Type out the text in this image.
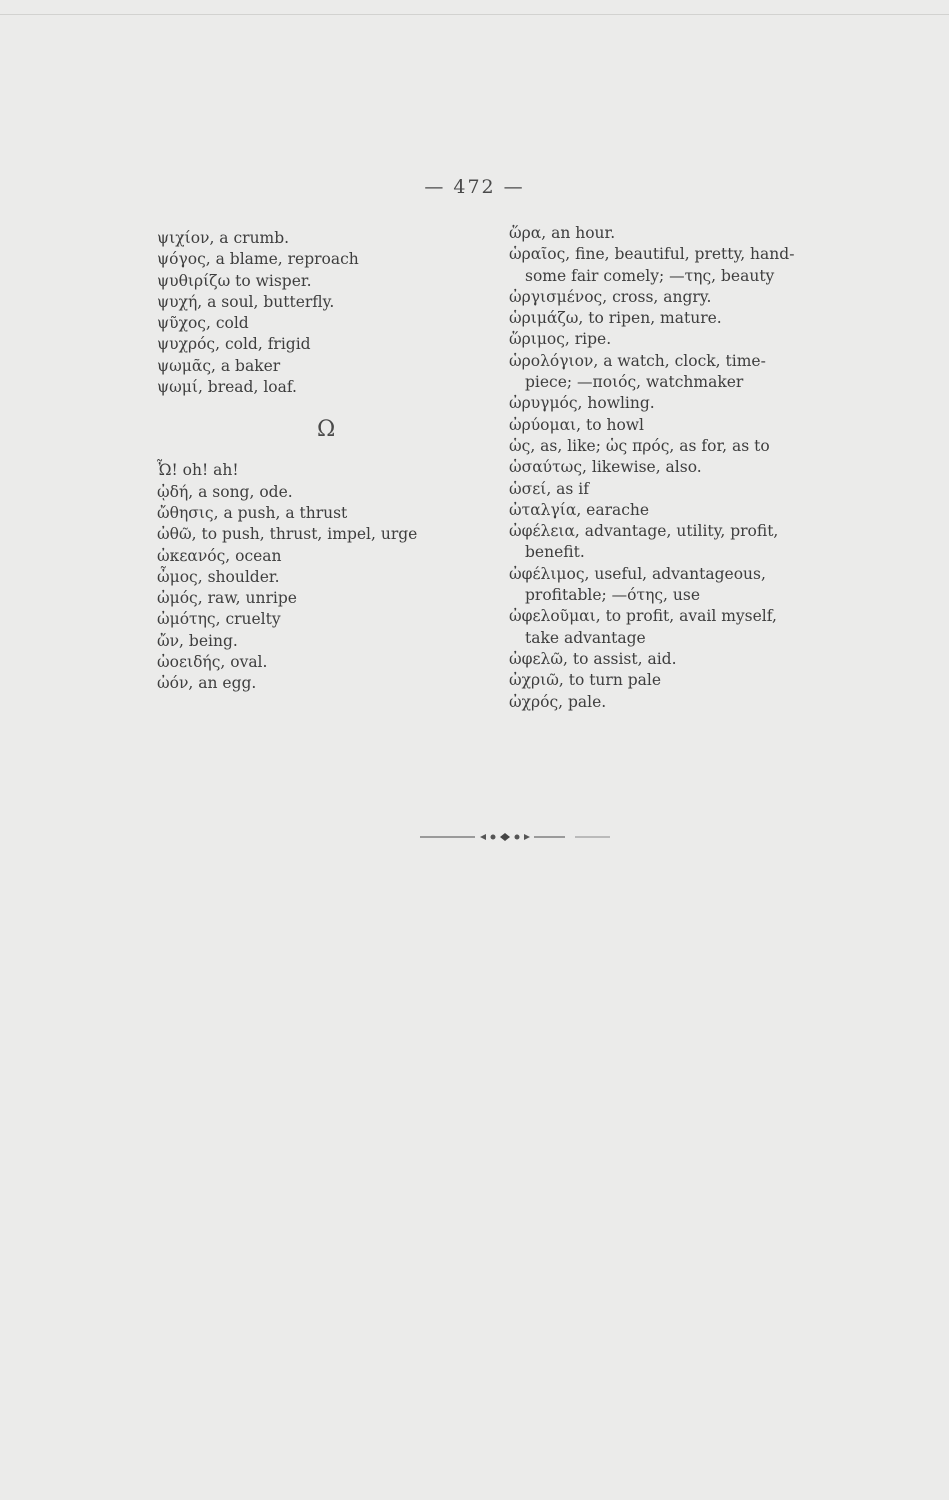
— 472 —
ψιχίον, a crumb.
ψόγος, a blame, reproach
ψυθιρίζω to wisper.
ψυχή, a soul, butterfly.
ψῦχος, cold
ψυχρός, cold, frigid
ψωμᾶς, a baker
ψωμί, bread, loaf.
Ω
Ὦ! oh! ah!
ᾠδή, a song, ode.
ὤθησις, a push, a thrust
ὠθῶ, to push, thrust, impel, urge
ὠκεανός, ocean
ὦμος, shoulder.
ὠμός, raw, unripe
ὠμότης, cruelty
ὤν, being.
ὠοειδής, oval.
ὠόν, an egg.
ὥρα, an hour.
ὡραῖος, fine, beautiful, pretty, hand-
some fair comely; —της, beauty
ὠργισμένος, cross, angry.
ὡριμάζω, to ripen, mature.
ὥριμος, ripe.
ὡρολόγιον, a watch, clock, time-
piece; —ποιός, watchmaker
ὠρυγμός, howling.
ὠρύομαι, to howl
ὡς, as, like; ὡς πρός, as for, as to
ὡσαύτως, likewise, also.
ὡσεί, as if
ὠταλγία, earache
ὠφέλεια, advantage, utility, profit,
benefit.
ὠφέλιμος, useful, advantageous,
profitable; —ότης, use
ὠφελοῦμαι, to profit, avail myself,
take advantage
ὠφελῶ, to assist, aid.
ὠχριῶ, to turn pale
ὠχρός, pale.
